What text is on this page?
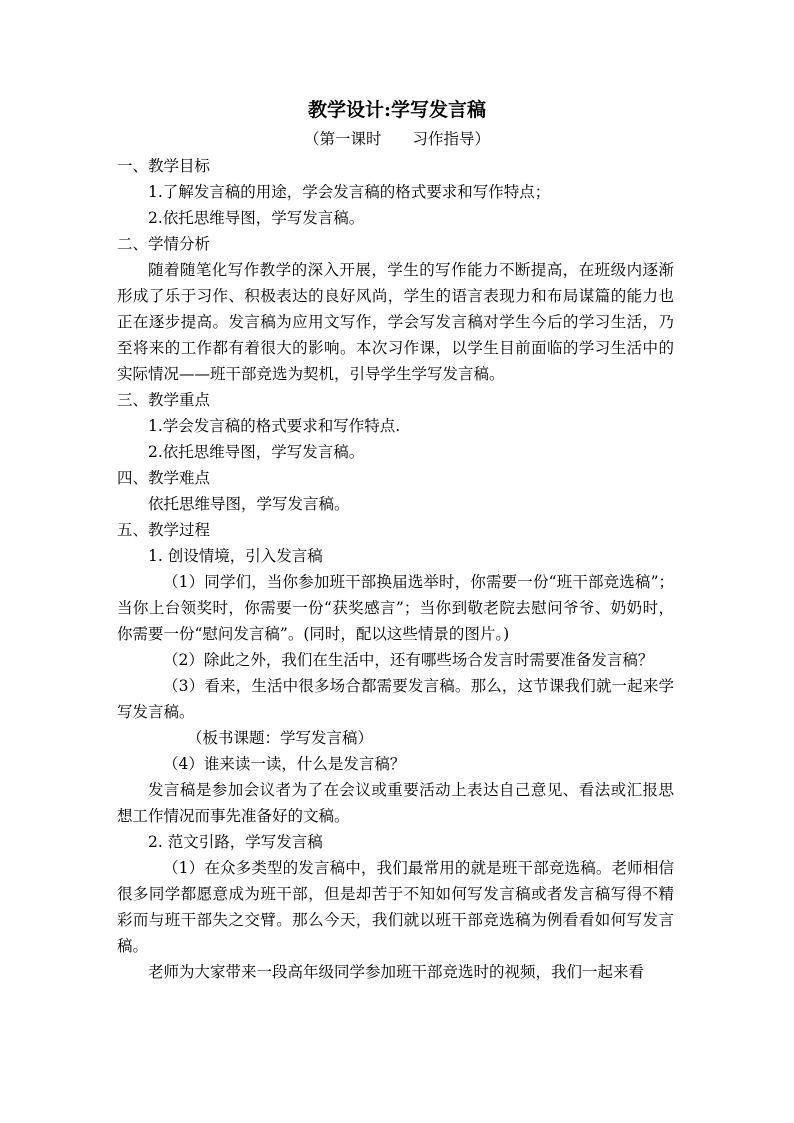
教学设计:学写发言稿
（第一课时　　习作指导）

一、教学目标

1.了解发言稿的用途，学会发言稿的格式要求和写作特点；

2.依托思维导图，学写发言稿。

二、学情分析

随着随笔化写作教学的深入开展，学生的写作能力不断提高，在班级内逐渐形成了乐于习作、积极表达的良好风尚，学生的语言表现力和布局谋篇的能力也正在逐步提高。发言稿为应用文写作，学会写发言稿对学生今后的学习生活，乃至将来的工作都有着很大的影响。本次习作课，以学生目前面临的学习生活中的实际情况——班干部竞选为契机，引导学生学写发言稿。

三、教学重点

1.学会发言稿的格式要求和写作特点.

2.依托思维导图，学写发言稿。

四、教学难点

依托思维导图，学写发言稿。

五、教学过程

1. 创设情境，引入发言稿

（1）同学们，当你参加班干部换届选举时，你需要一份“班干部竞选稿”；当你上台领奖时，你需要一份“获奖感言”；当你到敬老院去慰问爷爷、奶奶时，你需要一份“慰问发言稿”。(同时，配以这些情景的图片。)

（2）除此之外，我们在生活中，还有哪些场合发言时需要准备发言稿？

（3）看来，生活中很多场合都需要发言稿。那么，这节课我们就一起来学写发言稿。

（板书课题：学写发言稿）

（4）谁来读一读，什么是发言稿？

发言稿是参加会议者为了在会议或重要活动上表达自己意见、看法或汇报思想工作情况而事先准备好的文稿。

2. 范文引路，学写发言稿

（1）在众多类型的发言稿中，我们最常用的就是班干部竞选稿。老师相信很多同学都愿意成为班干部，但是却苦于不知如何写发言稿或者发言稿写得不精彩而与班干部失之交臂。那么今天，我们就以班干部竞选稿为例看看如何写发言稿。

老师为大家带来一段高年级同学参加班干部竞选时的视频，我们一起来看
